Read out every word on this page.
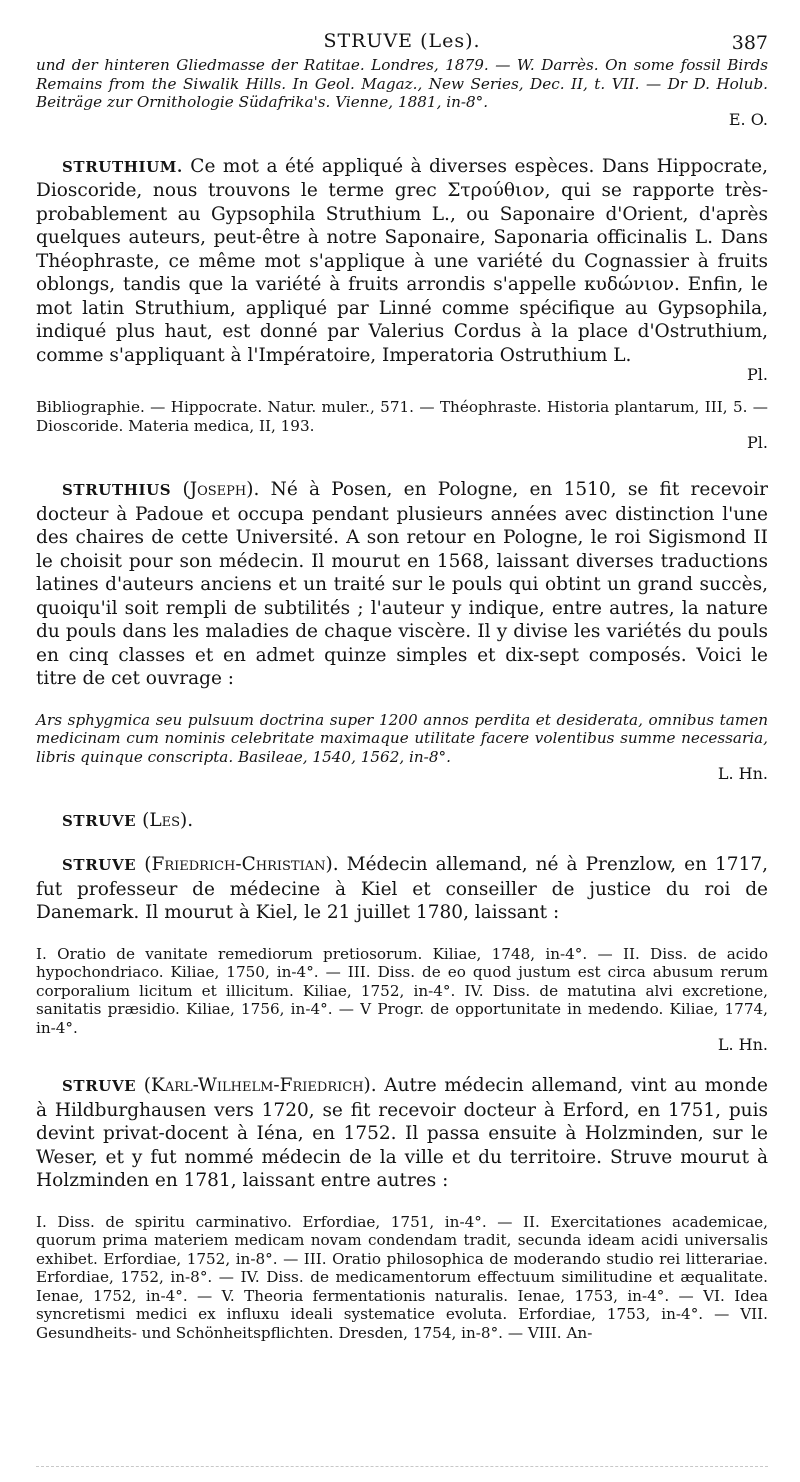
STRUVE (Les).	387

und der hinteren Gliedmasse der Ratitae. Londres, 1879. — W. Darrès. On some fossil Birds Remains from the Siwalik Hills. In Geol. Magaz., New Series, Dec. II, t. VII. — Dr D. Holub. Beiträge zur Ornithologie Südafrika's. Vienne, 1881, in-8°.

E. O.

STRUTHIUM. Ce mot a été appliqué à diverses espèces. Dans Hippocrate, Dioscoride, nous trouvons le terme grec Στρούθιον, qui se rapporte très-probablement au Gypsophila Struthium L., ou Saponaire d'Orient, d'après quelques auteurs, peut-être à notre Saponaire, Saponaria officinalis L. Dans Théophraste, ce même mot s'applique à une variété du Cognassier à fruits oblongs, tandis que la variété à fruits arrondis s'appelle κυδώνιον. Enfin, le mot latin Struthium, appliqué par Linné comme spécifique au Gypsophila, indiqué plus haut, est donné par Valerius Cordus à la place d'Ostruthium, comme s'appliquant à l'Impératoire, Imperatoria Ostruthium L.

Pl.

Bibliographie. — Hippocrate. Natur. muler., 571. — Théophraste. Historia plantarum, III, 5. — Dioscoride. Materia medica, II, 193.

Pl.

STRUTHIUS (Joseph). Né à Posen, en Pologne, en 1510, se fit recevoir docteur à Padoue et occupa pendant plusieurs années avec distinction l'une des chaires de cette Université. A son retour en Pologne, le roi Sigismond II le choisit pour son médecin. Il mourut en 1568, laissant diverses traductions latines d'auteurs anciens et un traité sur le pouls qui obtint un grand succès, quoiqu'il soit rempli de subtilités ; l'auteur y indique, entre autres, la nature du pouls dans les maladies de chaque viscère. Il y divise les variétés du pouls en cinq classes et en admet quinze simples et dix-sept composés. Voici le titre de cet ouvrage :

Ars sphygmica seu pulsuum doctrina super 1200 annos perdita et desiderata, omnibus tamen medicinam cum nominis celebritate maximaque utilitate facere volentibus summe necessaria, libris quinque conscripta. Basileae, 1540, 1562, in-8°.

L. Hn.

STRUVE (Les).

STRUVE (Friedrich-Christian). Médecin allemand, né à Prenzlow, en 1717, fut professeur de médecine à Kiel et conseiller de justice du roi de Danemark. Il mourut à Kiel, le 21 juillet 1780, laissant :

I. Oratio de vanitate remediorum pretiosorum. Kiliae, 1748, in-4°. — II. Diss. de acido hypochondriaco. Kiliae, 1750, in-4°. — III. Diss. de eo quod justum est circa abusum rerum corporalium licitum et illicitum. Kiliae, 1752, in-4°. IV. Diss. de matutina alvi excretione, sanitatis præsidio. Kiliae, 1756, in-4°. — V Progr. de opportunitate in medendo. Kiliae, 1774, in-4°.

L. Hn.

STRUVE (Karl-Wilhelm-Friedrich). Autre médecin allemand, vint au monde à Hildburghausen vers 1720, se fit recevoir docteur à Erford, en 1751, puis devint privat-docent à Iéna, en 1752. Il passa ensuite à Holzminden, sur le Weser, et y fut nommé médecin de la ville et du territoire. Struve mourut à Holzminden en 1781, laissant entre autres :

I. Diss. de spiritu carminativo. Erfordiae, 1751, in-4°. — II. Exercitationes academicae, quorum prima materiem medicam novam condendam tradit, secunda ideam acidi universalis exhibet. Erfordiae, 1752, in-8°. — III. Oratio philosophica de moderando studio rei litterariae. Erfordiae, 1752, in-8°. — IV. Diss. de medicamentorum effectuum similitudine et æqualitate. Ienae, 1752, in-4°. — V. Theoria fermentationis naturalis. Ienae, 1753, in-4°. — VI. Idea syncretismi medici ex influxu ideali systematice evoluta. Erfordiae, 1753, in-4°. — VII. Gesundheits- und Schönheitspflichten. Dresden, 1754, in-8°. — VIII. An-
